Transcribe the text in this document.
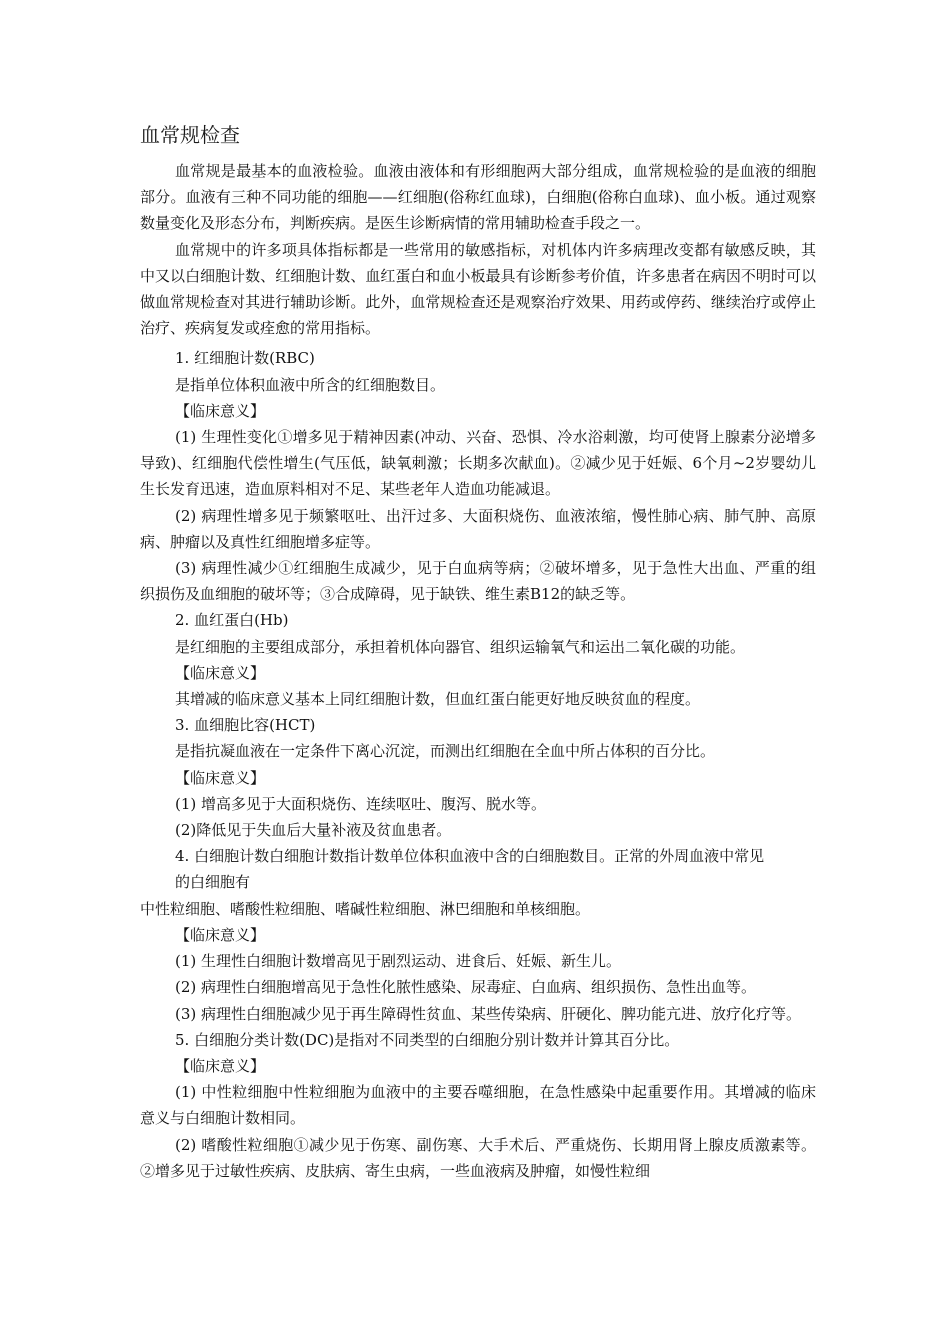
血常规检查

血常规是最基本的血液检验。血液由液体和有形细胞两大部分组成，血常规检验的是血液的细胞部分。血液有三种不同功能的细胞——红细胞(俗称红血球)，白细胞(俗称白血球)、血小板。通过观察数量变化及形态分布，判断疾病。是医生诊断病情的常用辅助检查手段之一。

血常规中的许多项具体指标都是一些常用的敏感指标，对机体内许多病理改变都有敏感反映，其中又以白细胞计数、红细胞计数、血红蛋白和血小板最具有诊断参考价值，许多患者在病因不明时可以做血常规检查对其进行辅助诊断。此外，血常规检查还是观察治疗效果、用药或停药、继续治疗或停止治疗、疾病复发或痊愈的常用指标。

1. 红细胞计数(RBC)

是指单位体积血液中所含的红细胞数目。

【临床意义】

(1) 生理性变化①增多见于精神因素(冲动、兴奋、恐惧、冷水浴刺激，均可使肾上腺素分泌增多导致)、红细胞代偿性增生(气压低，缺氧刺激；长期多次献血)。②减少见于妊娠、6个月~2岁婴幼儿生长发育迅速，造血原料相对不足、某些老年人造血功能减退。

(2) 病理性增多见于频繁呕吐、出汗过多、大面积烧伤、血液浓缩，慢性肺心病、肺气肿、高原病、肿瘤以及真性红细胞增多症等。

(3) 病理性减少①红细胞生成减少，见于白血病等病；②破坏增多，见于急性大出血、严重的组织损伤及血细胞的破坏等；③合成障碍，见于缺铁、维生素B12的缺乏等。

2. 血红蛋白(Hb)

是红细胞的主要组成部分，承担着机体向器官、组织运输氧气和运出二氧化碳的功能。

【临床意义】

其增减的临床意义基本上同红细胞计数，但血红蛋白能更好地反映贫血的程度。

3. 血细胞比容(HCT)

是指抗凝血液在一定条件下离心沉淀，而测出红细胞在全血中所占体积的百分比。

【临床意义】

(1) 增高多见于大面积烧伤、连续呕吐、腹泻、脱水等。

(2)降低见于失血后大量补液及贫血患者。

4. 白细胞计数白细胞计数指计数单位体积血液中含的白细胞数目。正常的外周血液中常见的白细胞有

中性粒细胞、嗜酸性粒细胞、嗜碱性粒细胞、淋巴细胞和单核细胞。

【临床意义】

(1) 生理性白细胞计数增高见于剧烈运动、进食后、妊娠、新生儿。

(2) 病理性白细胞增高见于急性化脓性感染、尿毒症、白血病、组织损伤、急性出血等。

(3) 病理性白细胞减少见于再生障碍性贫血、某些传染病、肝硬化、脾功能亢进、放疗化疗等。

5. 白细胞分类计数(DC)是指对不同类型的白细胞分别计数并计算其百分比。

【临床意义】

(1) 中性粒细胞中性粒细胞为血液中的主要吞噬细胞，在急性感染中起重要作用。其增减的临床意义与白细胞计数相同。

(2) 嗜酸性粒细胞①减少见于伤寒、副伤寒、大手术后、严重烧伤、长期用肾上腺皮质激素等。②增多见于过敏性疾病、皮肤病、寄生虫病，一些血液病及肿瘤，如慢性粒细
